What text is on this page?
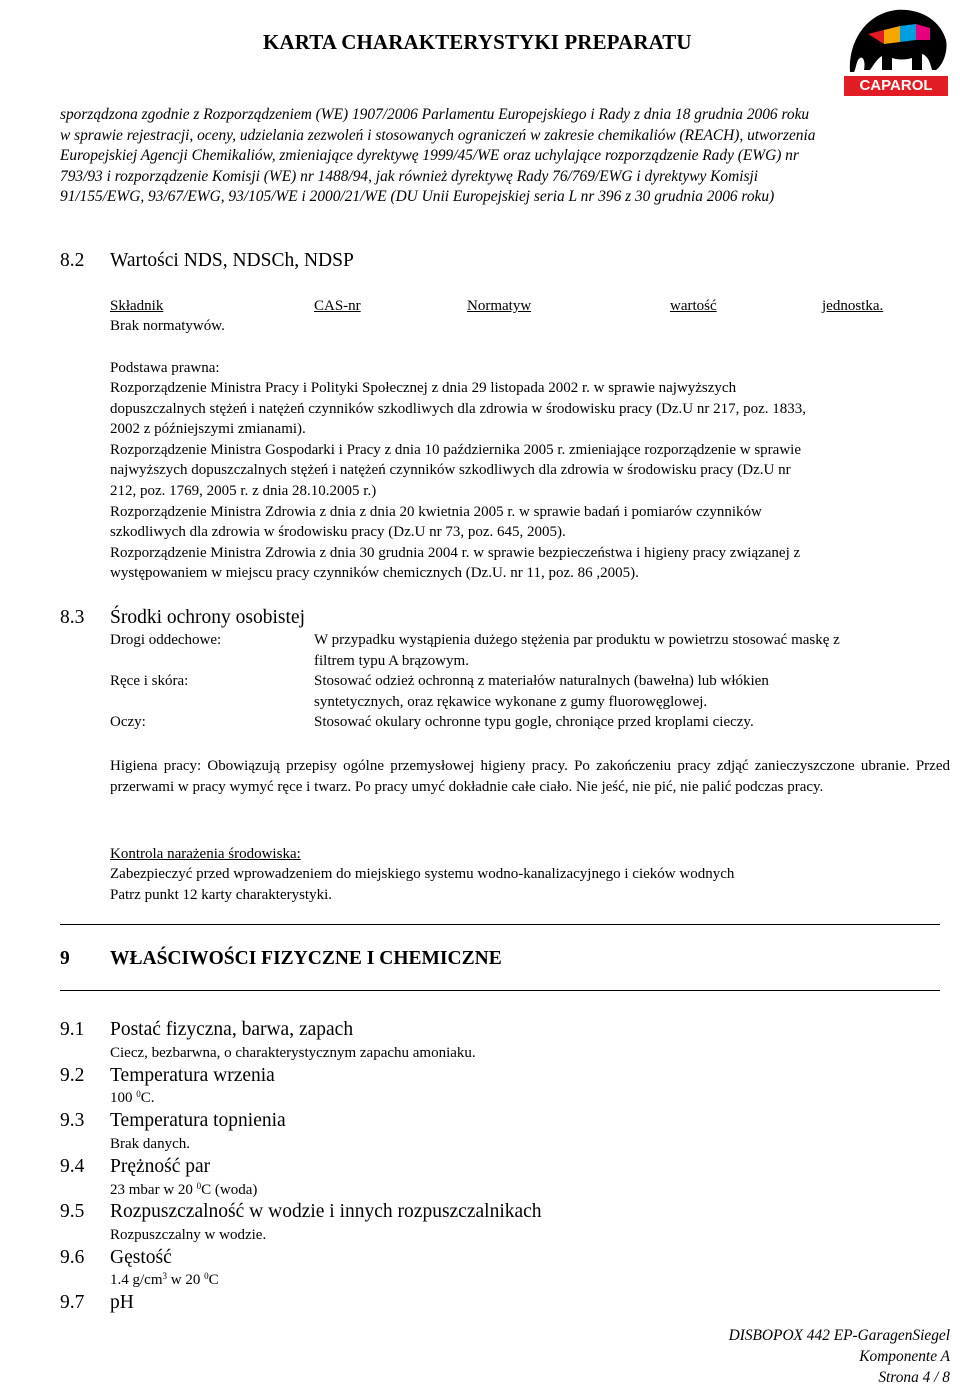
KARTA CHARAKTERYSTYKI PREPARATU
CAPAROL
sporządzona zgodnie z Rozporządzeniem (WE) 1907/2006 Parlamentu Europejskiego i Rady z dnia 18 grudnia 2006 roku
w sprawie rejestracji, oceny, udzielania zezwoleń i stosowanych ograniczeń w zakresie chemikaliów (REACH), utworzenia
Europejskiej Agencji Chemikaliów, zmieniające dyrektywę 1999/45/WE oraz uchylające rozporządzenie Rady (EWG) nr
793/93 i rozporządzenie Komisji (WE) nr 1488/94, jak również dyrektywę Rady 76/769/EWG i dyrektywy Komisji
91/155/EWG, 93/67/EWG, 93/105/WE i 2000/21/WE (DU Unii Europejskiej seria L nr 396 z 30 grudnia 2006 roku)
8.2 Wartości NDS, NDSCh, NDSP
Składnik	CAS-nr	Normatyw	wartość	jednostka.
Brak normatywów.
Podstawa prawna:
Rozporządzenie Ministra Pracy i Polityki Społecznej z dnia 29 listopada 2002 r. w sprawie najwyższych
dopuszczalnych stężeń i natężeń czynników szkodliwych dla zdrowia w środowisku pracy (Dz.U nr 217, poz. 1833,
2002 z późniejszymi zmianami).
Rozporządzenie Ministra Gospodarki i Pracy z dnia 10 października 2005 r. zmieniające rozporządzenie w sprawie
najwyższych dopuszczalnych stężeń i natężeń czynników szkodliwych dla zdrowia w środowisku pracy (Dz.U nr
212, poz. 1769, 2005 r. z dnia 28.10.2005 r.)
Rozporządzenie Ministra Zdrowia z dnia z dnia 20 kwietnia 2005 r. w sprawie badań i pomiarów czynników
szkodliwych dla zdrowia w środowisku pracy (Dz.U nr 73, poz. 645, 2005).
Rozporządzenie Ministra Zdrowia z dnia 30 grudnia 2004 r. w sprawie bezpieczeństwa i higieny pracy związanej z
występowaniem w miejscu pracy czynników chemicznych (Dz.U. nr 11, poz. 86 ,2005).
8.3 Środki ochrony osobistej
Drogi oddechowe:	W przypadku wystąpienia dużego stężenia par produktu w powietrzu stosować maskę z
filtrem typu A brązowym.
Ręce i skóra:	Stosować odzież ochronną z materiałów naturalnych (bawełna) lub włókien
syntetycznych, oraz rękawice wykonane z gumy fluorowęglowej.
Oczy:	Stosować okulary ochronne typu gogle, chroniące przed kroplami cieczy.
Higiena pracy: Obowiązują przepisy ogólne przemysłowej higieny pracy. Po zakończeniu pracy zdjąć zanieczyszczone ubranie. Przed przerwami w pracy wymyć ręce i twarz. Po pracy umyć dokładnie całe ciało. Nie jeść, nie pić, nie palić podczas pracy.
Kontrola narażenia środowiska:
Zabezpieczyć przed wprowadzeniem do miejskiego systemu wodno-kanalizacyjnego i cieków wodnych
Patrz punkt 12 karty charakterystyki.
9 WŁAŚCIWOŚCI FIZYCZNE I CHEMICZNE
9.1 Postać fizyczna, barwa, zapach
Ciecz, bezbarwna, o charakterystycznym zapachu amoniaku.
9.2 Temperatura wrzenia
100 $^0$C.
9.3 Temperatura topnienia
Brak danych.
9.4 Prężność par
23 mbar w 20 $^0$C (woda)
9.5 Rozpuszczalność w wodzie i innych rozpuszczalnikach
Rozpuszczalny w wodzie.
9.6 Gęstość
1.4 $g/cm^3$ w 20 $^0$C
9.7 pH
DISBOPOX 442 EP-GaragenSiegel
Komponente A
Strona 4 / 8
